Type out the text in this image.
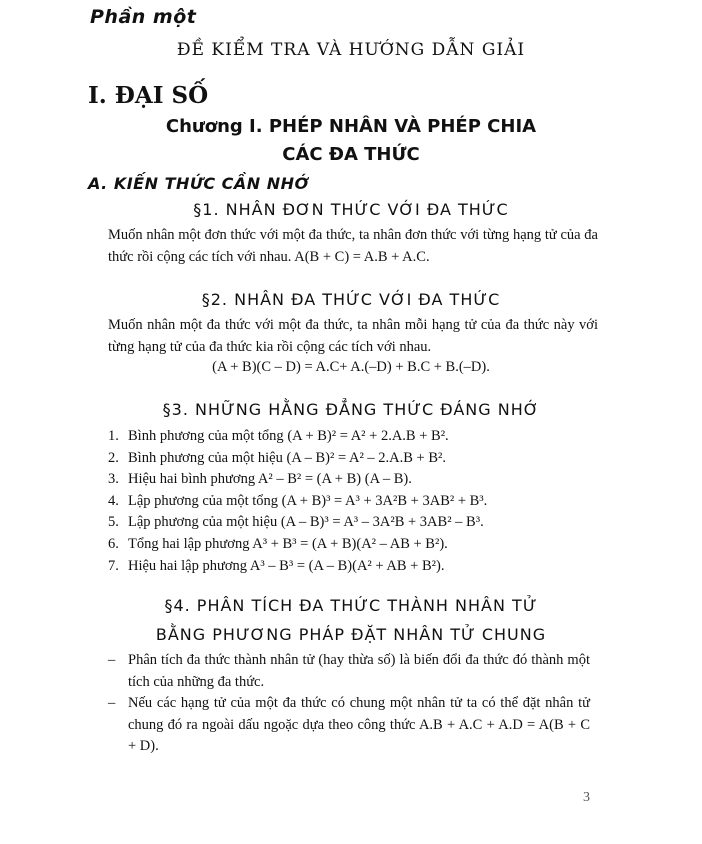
Phần một
ĐỀ KIỂM TRA VÀ HƯỚNG DẪN GIẢI
I. ĐẠI SỐ
Chương I. PHÉP NHÂN VÀ PHÉP CHIA
CÁC ĐA THỨC
A. KIẾN THỨC CẦN NHỚ
§1. NHÂN ĐƠN THỨC VỚI ĐA THỨC
Muốn nhân một đơn thức với một đa thức, ta nhân đơn thức với từng hạng tử của đa thức rồi cộng các tích với nhau. A(B + C) = A.B + A.C.
§2. NHÂN ĐA THỨC VỚI ĐA THỨC
Muốn nhân một đa thức với một đa thức, ta nhân mỗi hạng tử của đa thức này với từng hạng tử của đa thức kia rồi cộng các tích với nhau.
(A + B)(C – D) = A.C+ A.(–D) + B.C + B.(–D).
§3. NHỮNG HẰNG ĐẲNG THỨC ĐÁNG NHỚ
1. Bình phương của một tổng (A + B)² = A² + 2.A.B + B².
2. Bình phương của một hiệu (A – B)² = A² – 2.A.B + B².
3. Hiệu hai bình phương A² – B² = (A + B) (A – B).
4. Lập phương của một tổng (A + B)³ = A³ + 3A²B + 3AB² + B³.
5. Lập phương của một hiệu (A – B)³ = A³ – 3A²B + 3AB² – B³.
6. Tổng hai lập phương A³ + B³ = (A + B)(A² – AB + B²).
7. Hiệu hai lập phương A³ – B³ = (A – B)(A² + AB + B²).
§4. PHÂN TÍCH ĐA THỨC THÀNH NHÂN TỬ
BẰNG PHƯƠNG PHÁP ĐẶT NHÂN TỬ CHUNG
– Phân tích đa thức thành nhân tử (hay thừa số) là biến đổi đa thức đó thành một tích của những đa thức.
– Nếu các hạng tử của một đa thức có chung một nhân tử ta có thể đặt nhân tử chung đó ra ngoài dấu ngoặc dựa theo công thức A.B + A.C + A.D = A(B + C + D).
3
